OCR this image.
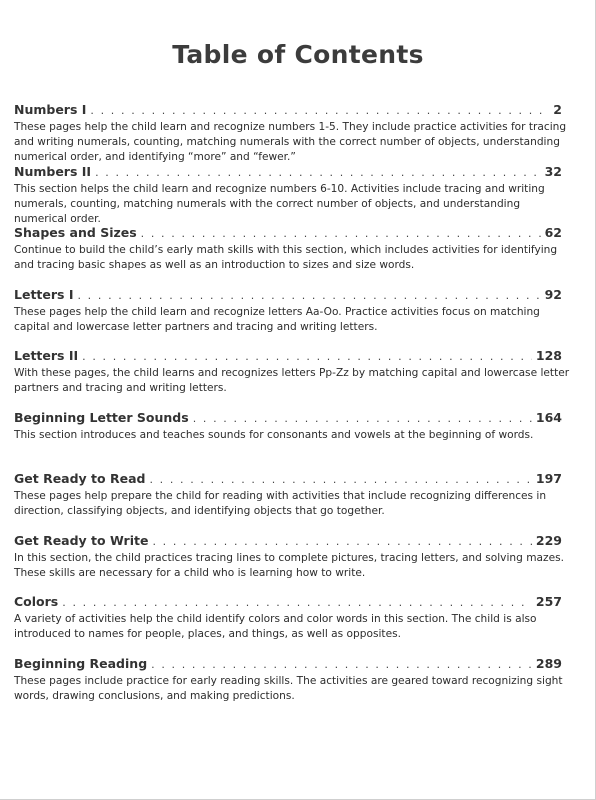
Table of Contents
Numbers I . . .	2
These pages help the child learn and recognize numbers 1-5. They include practice activities for tracing and writing numerals, counting, matching numerals with the correct number of objects, understanding numerical order, and identifying “more” and “fewer.”
Numbers II . . .	32
This section helps the child learn and recognize numbers 6-10. Activities include tracing and writing numerals, counting, matching numerals with the correct number of objects, and understanding numerical order.
Shapes and Sizes . . .	62
Continue to build the child’s early math skills with this section, which includes activities for identifying and tracing basic shapes as well as an introduction to sizes and size words.
Letters I . . .	92
These pages help the child learn and recognize letters Aa-Oo. Practice activities focus on matching capital and lowercase letter partners and tracing and writing letters.
Letters II . . .	128
With these pages, the child learns and recognizes letters Pp-Zz by matching capital and lowercase letter partners and tracing and writing letters.
Beginning Letter Sounds . . .	164
This section introduces and teaches sounds for consonants and vowels at the beginning of words.
Get Ready to Read . . .	197
These pages help prepare the child for reading with activities that include recognizing differences in direction, classifying objects, and identifying objects that go together.
Get Ready to Write . . .	229
In this section, the child practices tracing lines to complete pictures, tracing letters, and solving mazes. These skills are necessary for a child who is learning how to write.
Colors . . .	257
A variety of activities help the child identify colors and color words in this section. The child is also introduced to names for people, places, and things, as well as opposites.
Beginning Reading . . .	289
These pages include practice for early reading skills. The activities are geared toward recognizing sight words, drawing conclusions, and making predictions.
